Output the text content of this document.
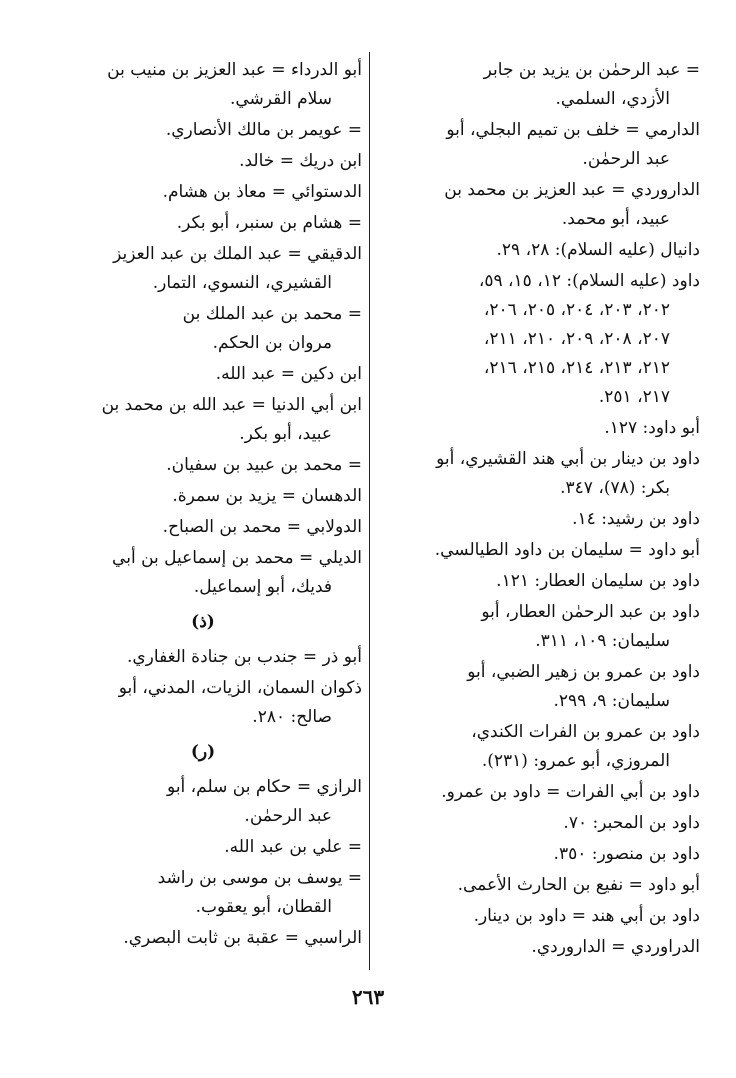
= عبد الرحمٰن بن يزيد بن جابر
الأزدي، السلمي.
الدارمي = خلف بن تميم البجلي، أبو
عبد الرحمٰن.
الداروردي = عبد العزيز بن محمد بن
عبيد، أبو محمد.
دانيال (عليه السلام): ٢٨، ٢٩.
داود (عليه السلام): ١٢، ١٥، ٥٩،
٢٠٢، ٢٠٣، ٢٠٤، ٢٠٥، ٢٠٦،
٢٠٧، ٢٠٨، ٢٠٩، ٢١٠، ٢١١،
٢١٢، ٢١٣، ٢١٤، ٢١٥، ٢١٦،
٢١٧، ٢٥١.
أبو داود: ١٢٧.
داود بن دينار بن أبي هند القشيري، أبو
بكر: (٧٨)، ٣٤٧.
داود بن رشيد: ١٤.
أبو داود = سليمان بن داود الطيالسي.
داود بن سليمان العطار: ١٢١.
داود بن عبد الرحمٰن العطار، أبو
سليمان: ١٠٩، ٣١١.
داود بن عمرو بن زهير الضبي، أبو
سليمان: ٩، ٢٩٩.
داود بن عمرو بن الفرات الكندي،
المروزي، أبو عمرو: (٢٣١).
داود بن أبي الفرات = داود بن عمرو.
داود بن المحبر: ٧٠.
داود بن منصور: ٣٥٠.
أبو داود = نفيع بن الحارث الأعمى.
داود بن أبي هند = داود بن دينار.
الدراوردي = الداروردي.
أبو الدرداء = عبد العزيز بن منيب بن
سلام القرشي.
= عويمر بن مالك الأنصاري.
ابن دريك = خالد.
الدستوائي = معاذ بن هشام.
= هشام بن سنبر، أبو بكر.
الدقيقي = عبد الملك بن عبد العزيز
القشيري، النسوي، التمار.
= محمد بن عبد الملك بن
مروان بن الحكم.
ابن دكين = عبد الله.
ابن أبي الدنيا = عبد الله بن محمد بن
عبيد، أبو بكر.
= محمد بن عبيد بن سفيان.
الدهسان = يزيد بن سمرة.
الدولابي = محمد بن الصباح.
الديلي = محمد بن إسماعيل بن أبي
فديك، أبو إسماعيل.
(ذ)
أبو ذر = جندب بن جنادة الغفاري.
ذكوان السمان، الزيات، المدني، أبو
صالح: ٢٨٠.
(ر)
الرازي = حكام بن سلم، أبو
عبد الرحمٰن.
= علي بن عبد الله.
= يوسف بن موسى بن راشد
القطان، أبو يعقوب.
الراسبي = عقبة بن ثابت البصري.
٢٦٣
